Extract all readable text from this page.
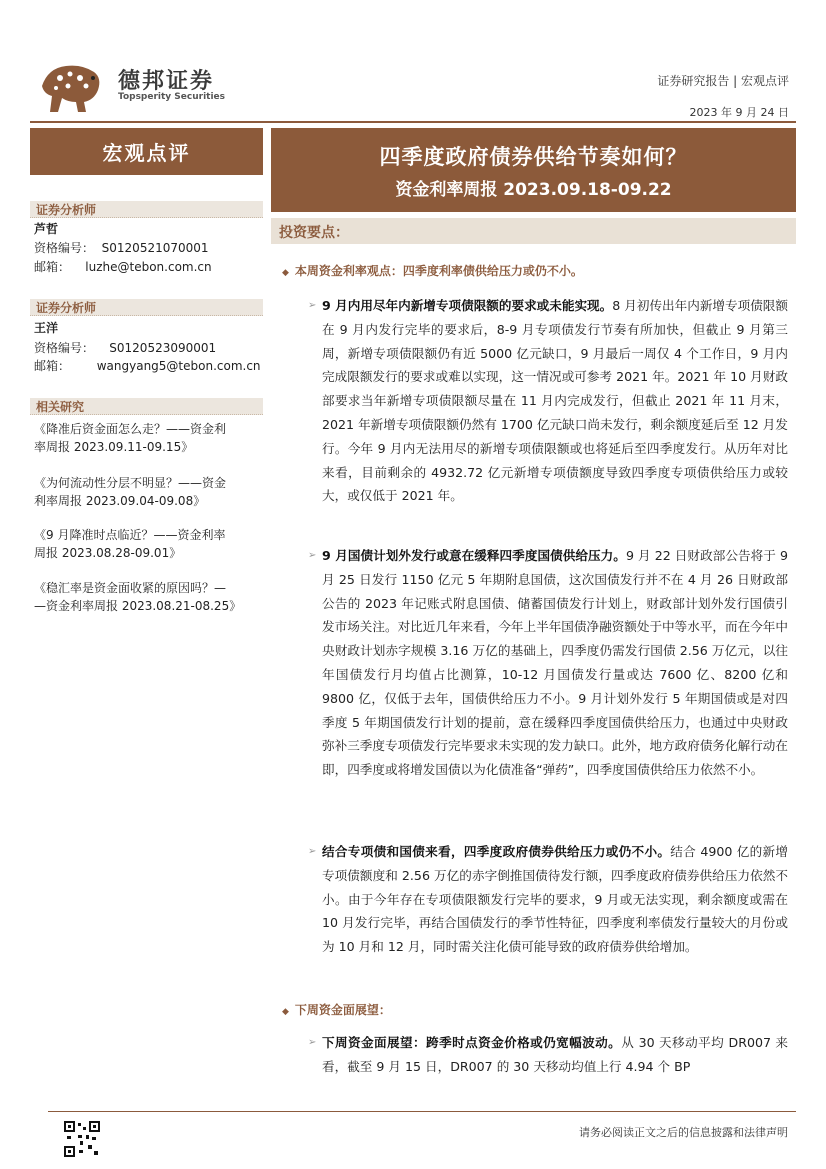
德邦证券
Topsperity Securities
证券研究报告 | 宏观点评
2023 年 9 月 24 日
宏观点评	四季度政府债券供给节奏如何？
资金利率周报 2023.09.18-09.22
证券分析师
芦哲
资格编号： S0120521070001
邮箱： luzhe@tebon.com.cn
证券分析师
王洋
资格编号： S0120523090001
邮箱： wangyang5@tebon.com.cn
相关研究
《降准后资金面怎么走？——资金利
率周报 2023.09.11-09.15》
《为何流动性分层不明显？——资金
利率周报 2023.09.04-09.08》
《9 月降准时点临近？——资金利率
周报 2023.08.28-09.01》
《稳汇率是资金面收紧的原因吗？—
—资金利率周报 2023.08.21-08.25》
投资要点：
◆ 本周资金利率观点：四季度利率债供给压力或仍不小。
➢ 9 月内用尽年内新增专项债限额的要求或未能实现。8 月初传出年内新增专项债限额在 9 月内发行完毕的要求后，8-9 月专项债发行节奏有所加快，但截止 9 月第三周，新增专项债限额仍有近 5000 亿元缺口，9 月最后一周仅 4 个工作日，9 月内完成限额发行的要求或难以实现，这一情况或可参考 2021 年。2021 年 10 月财政部要求当年新增专项债限额尽量在 11 月内完成发行，但截止 2021 年 11 月末，2021 年新增专项债限额仍然有 1700 亿元缺口尚未发行，剩余额度延后至 12 月发行。今年 9 月内无法用尽的新增专项债限额或也将延后至四季度发行。从历年对比来看，目前剩余的 4932.72 亿元新增专项债额度导致四季度专项债供给压力或较大，或仅低于 2021 年。
➢ 9 月国债计划外发行或意在缓释四季度国债供给压力。9 月 22 日财政部公告将于 9 月 25 日发行 1150 亿元 5 年期附息国债，这次国债发行并不在 4 月 26 日财政部公告的 2023 年记账式附息国债、储蓄国债发行计划上，财政部计划外发行国债引发市场关注。对比近几年来看，今年上半年国债净融资额处于中等水平，而在今年中央财政计划赤字规模 3.16 万亿的基础上，四季度仍需发行国债 2.56 万亿元，以往年国债发行月均值占比测算，10-12 月国债发行量或达 7600 亿、8200 亿和 9800 亿，仅低于去年，国债供给压力不小。9 月计划外发行 5 年期国债或是对四季度 5 年期国债发行计划的提前，意在缓释四季度国债供给压力，也通过中央财政弥补三季度专项债发行完毕要求未实现的发力缺口。此外，地方政府债务化解行动在即，四季度或将增发国债以为化债准备“弹药”，四季度国债供给压力依然不小。
➢ 结合专项债和国债来看，四季度政府债券供给压力或仍不小。结合 4900 亿的新增专项债额度和 2.56 万亿的赤字倒推国债待发行额，四季度政府债券供给压力依然不小。由于今年存在专项债限额发行完毕的要求，9 月或无法实现，剩余额度或需在 10 月发行完毕，再结合国债发行的季节性特征，四季度利率债发行量较大的月份或为 10 月和 12 月，同时需关注化债可能导致的政府债券供给增加。
◆ 下周资金面展望：
➢ 下周资金面展望：跨季时点资金价格或仍宽幅波动。从 30 天移动平均 DR007 来看，截至 9 月 15 日，DR007 的 30 天移动均值上行 4.94 个 BP
请务必阅读正文之后的信息披露和法律声明
